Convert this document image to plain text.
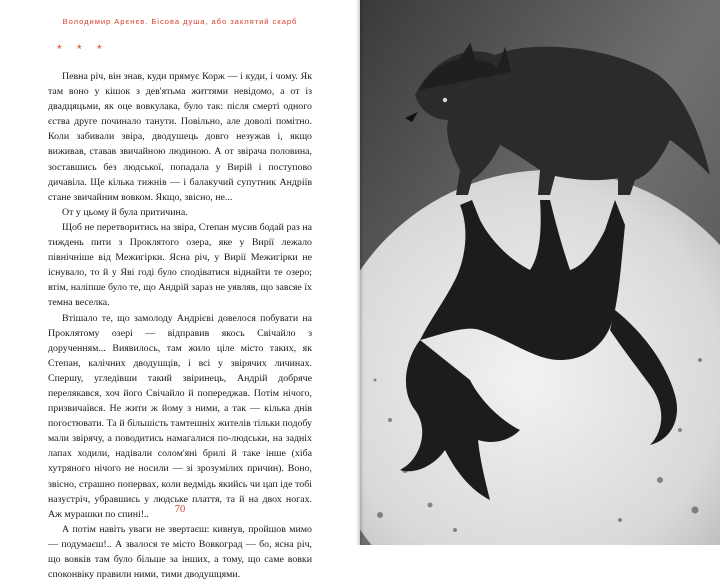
Володимир Арєнєв. Бісова душа, або заклятий скарб
* * *

Певна річ, він знав, куди прямує Корж — і куди, і чому. Як там воно у кішок з дев'ятьма життями невідомо, а от із двадцяцьми, як оце вовкулака, було так: після смерті одного єства друге починало танути. Повільно, але доволі помітно. Коли забивали звіра, дводушець довго незужав і, якщо виживав, ставав звичайною людиною. А от звірача половина, зоставшись без людської, попадала у Вирій і поступово дичавіла. Ще кілька тижнів — і балакучий супутник Андріїв стане звичайним вовком. Якщо, звісно, не...

От у цьому й була притичина.

Щоб не перетворитись на звіра, Степан мусив бодай раз на тиждень пити з Проклятого озера, яке у Вирії лежало північніше від Межигірки. Ясна річ, у Вирії Межигірки не існувало, то й у Яві годі було сподіватися віднайти те озеро; втім, наліпше було те, що Андрій зараз не уявляв, що завсяе їх темна веселка.

Втішало те, що замолоду Андрієві довелося побувати на Проклятому озері — відправив якось Свічайло з дорученням... Виявилось, там жило ціле місто таких, як Степан, калічних дводушців, і всі у звірячих личинах. Спершу, угледівши такий звіринець, Андрій добряче перелякався, хоч його Свічайло й попереджав. Потім нічого, призвичаївся. Не жити ж йому з ними, а так — кілька днів погостювати. Та й більшість тамтешніх жителів тільки подобу мали звірячу, а поводитись намагалися по-людськи, на задніх лапах ходили, надівали солом'яні брилі й таке інше (хіба хутряного нічого не носили — зі зрозумілих причин). Воно, звісно, страшно попервах, коли ведмідь якийсь чи цап іде тобі назустріч, убравшись у людське плаття, та й на двох ногах. Аж мурашки по спині!..

А потім навіть уваги не звертаєш: кивнув, пройшов мимо — подумаєш!.. А звалося те місто Вовкоград — бо, ясна річ, що вовків там було більше за інших, а тому, що саме вовки споконвіку правили ними, тими дводушцями.

70
